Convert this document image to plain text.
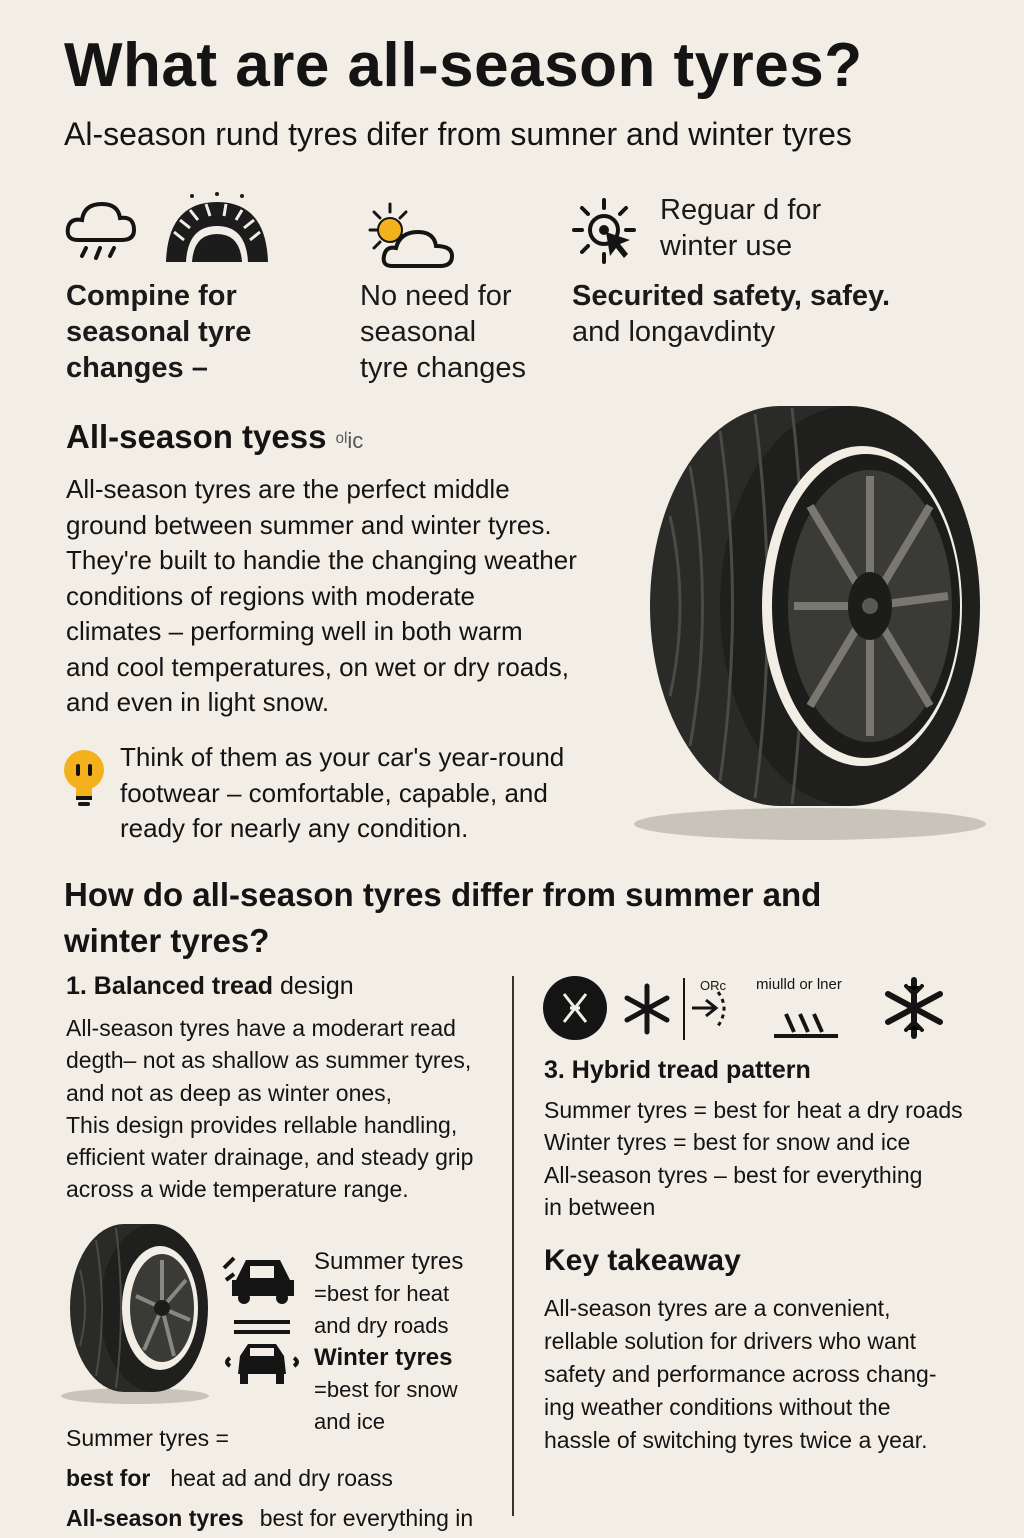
What are all-season tyres?
Al-season rund tyres difer from sumner and winter tyres
Reguar d for
winter use
Compine for
seasonal tyre
changes –
No need for
seasonal
tyre changes
Securited safety, safey.
and longavdinty
All-season tyess ᵒˡic
All-season tyres are the perfect middle
ground between summer and winter tyres.
They're built to handie the changing weather
conditions of regions with moderate
climates – performing well in both warm
and cool temperatures, on wet or dry roads,
and even in light snow.
Think of them as your car's year-round
footwear – comfortable, capable, and
ready for nearly any condition.
How do all-season tyres differ from summer and
winter tyres?
1. Balanced tread design
All-season tyres have a moderart read
degth– not as shallow as summer tyres,
and not as deep as winter ones,
This design provides rellable handling,
efficient water drainage, and steady grip
across a wide temperature range.
Summer tyres
=best for heat
and dry roads
Winter tyres
=best for snow
and ice
Summer tyres =
best for heat ad and dry roass
All-season tyres best for everything in
ORc miulld or lner
3. Hybrid tread pattern
Summer tyres = best for heat a dry roads
Winter tyres = best for snow and ice
All-season tyres – best for everything
in between
Key takeaway
All-season tyres are a convenient,
rellable solution for drivers who want
safety and performance across chang-
ing weather conditions without the
hassle of switching tyres twice a year.
